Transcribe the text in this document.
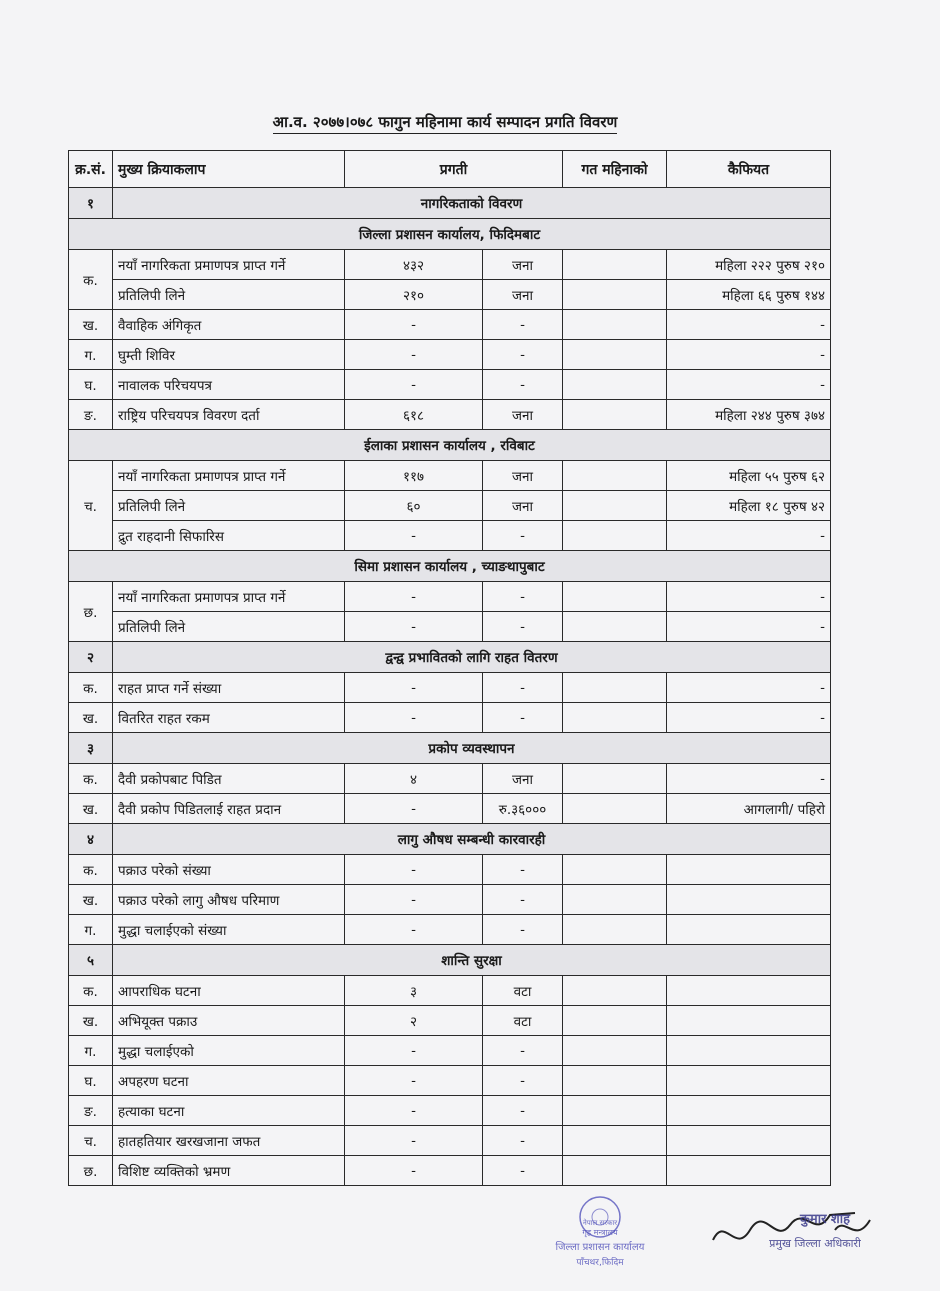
आ.व. २०७७।०७८ फागुन महिनामा कार्य सम्पादन प्रगति विवरण
क्र.सं.	मुख्य क्रियाकलाप	प्रगती		गत महिनाको	कैफियत
१	नागरिकताको विवरण				
जिल्ला प्रशासन कार्यालय, फिदिमबाट					
क.	नयाँ नागरिकता प्रमाणपत्र प्राप्त गर्ने	४३२	जना		महिला २२२ पुरुष २१०
	प्रतिलिपी लिने	२१०	जना		महिला ६६ पुरुष १४४
ख.	वैवाहिक अंगिकृत	-	-		-
ग.	घुम्ती शिविर	-	-		-
घ.	नावालक परिचयपत्र	-	-		-
ङ.	राष्ट्रिय परिचयपत्र विवरण दर्ता	६१८	जना		महिला २४४ पुरुष ३७४
ईलाका प्रशासन कार्यालय , रविबाट					
च.	नयाँ नागरिकता प्रमाणपत्र प्राप्त गर्ने	११७	जना		महिला ५५ पुरुष ६२
	प्रतिलिपी लिने	६०	जना		महिला १८ पुरुष ४२
	द्रुत राहदानी सिफारिस	-	-		-
सिमा प्रशासन कार्यालय , च्याङथापुबाट					
छ.	नयाँ नागरिकता प्रमाणपत्र प्राप्त गर्ने	-	-		-
	प्रतिलिपी लिने	-	-		-
२	द्वन्द्व प्रभावितको लागि राहत वितरण				
क.	राहत प्राप्त गर्ने संख्या	-	-		-
ख.	वितरित राहत रकम	-	-		-
३	प्रकोप व्यवस्थापन				
क.	दैवी प्रकोपबाट पिडित	४	जना		-
ख.	दैवी प्रकोप पिडितलाई राहत प्रदान	-	रु.३६०००		आगलागी/ पहिरो
४	लागु औषध सम्बन्धी कारवारही				
क.	पक्राउ परेको संख्या	-	-		
ख.	पक्राउ परेको लागु औषध परिमाण	-	-		
ग.	मुद्धा चलाईएको संख्या	-	-		
५	शान्ति सुरक्षा				
क.	आपराधिक घटना	३	वटा		
ख.	अभियूक्त पक्राउ	२	वटा		
ग.	मुद्धा चलाईएको	-	-		
घ.	अपहरण घटना	-	-		
ङ.	हत्याका घटना	-	-		
च.	हातहतियार खरखजाना जफत	-	-		
छ.	विशिष्ट व्यक्तिको भ्रमण	-	-		
नेपाल सरकार
गृह मन्त्रालय
जिल्ला प्रशासन कार्यालय
पाँचथर,फिदिम
कुमार शाह
प्रमुख जिल्ला अधिकारी
